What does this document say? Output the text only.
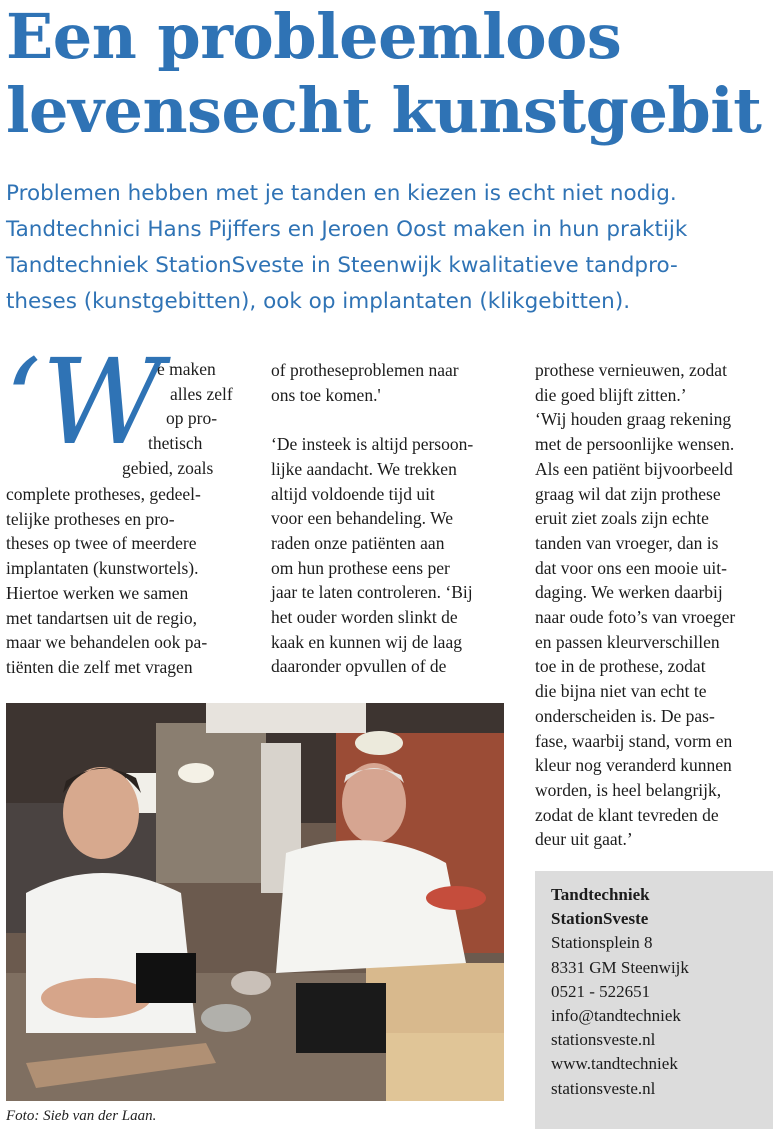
Een probleemloos
levensecht kunstgebit

Problemen hebben met je tanden en kiezen is echt niet nodig.
Tandtechnici Hans Pijffers en Jeroen Oost maken in hun praktijk
Tandtechniek StationSveste in Steenwijk kwalitatieve tandpro-
theses (kunstgebitten), ook op implantaten (klikgebitten).

‘W
e maken
alles zelf
op pro-
thetisch
gebied, zoals
complete protheses, gedeel-
telijke protheses en pro-
theses op twee of meerdere
implantaten (kunstwortels).
Hiertoe werken we samen
met tandartsen uit de regio,
maar we behandelen ook pa-
tiënten die zelf met vragen
of protheseproblemen naar
ons toe komen.'
‘De insteek is altijd persoon-
lijke aandacht. We trekken
altijd voldoende tijd uit
voor een behandeling. We
raden onze patiënten aan
om hun prothese eens per
jaar te laten controleren. ‘Bij
het ouder worden slinkt de
kaak en kunnen wij de laag
daaronder opvullen of de
prothese vernieuwen, zodat
die goed blijft zitten.’
‘Wij houden graag rekening
met de persoonlijke wensen.
Als een patiënt bijvoorbeeld
graag wil dat zijn prothese
eruit ziet zoals zijn echte
tanden van vroeger, dan is
dat voor ons een mooie uit-
daging. We werken daarbij
naar oude foto’s van vroeger
en passen kleurverschillen
toe in de prothese, zodat
die bijna niet van echt te
onderscheiden is. De pas-
fase, waarbij stand, vorm en
kleur nog veranderd kunnen
worden, is heel belangrijk,
zodat de klant tevreden de
deur uit gaat.’
Foto: Sieb van der Laan.
Tandtechniek
StationSveste
Stationsplein 8
8331 GM Steenwijk
0521 - 522651
info@tandtechniek
stationsveste.nl
www.tandtechniek
stationsveste.nl
